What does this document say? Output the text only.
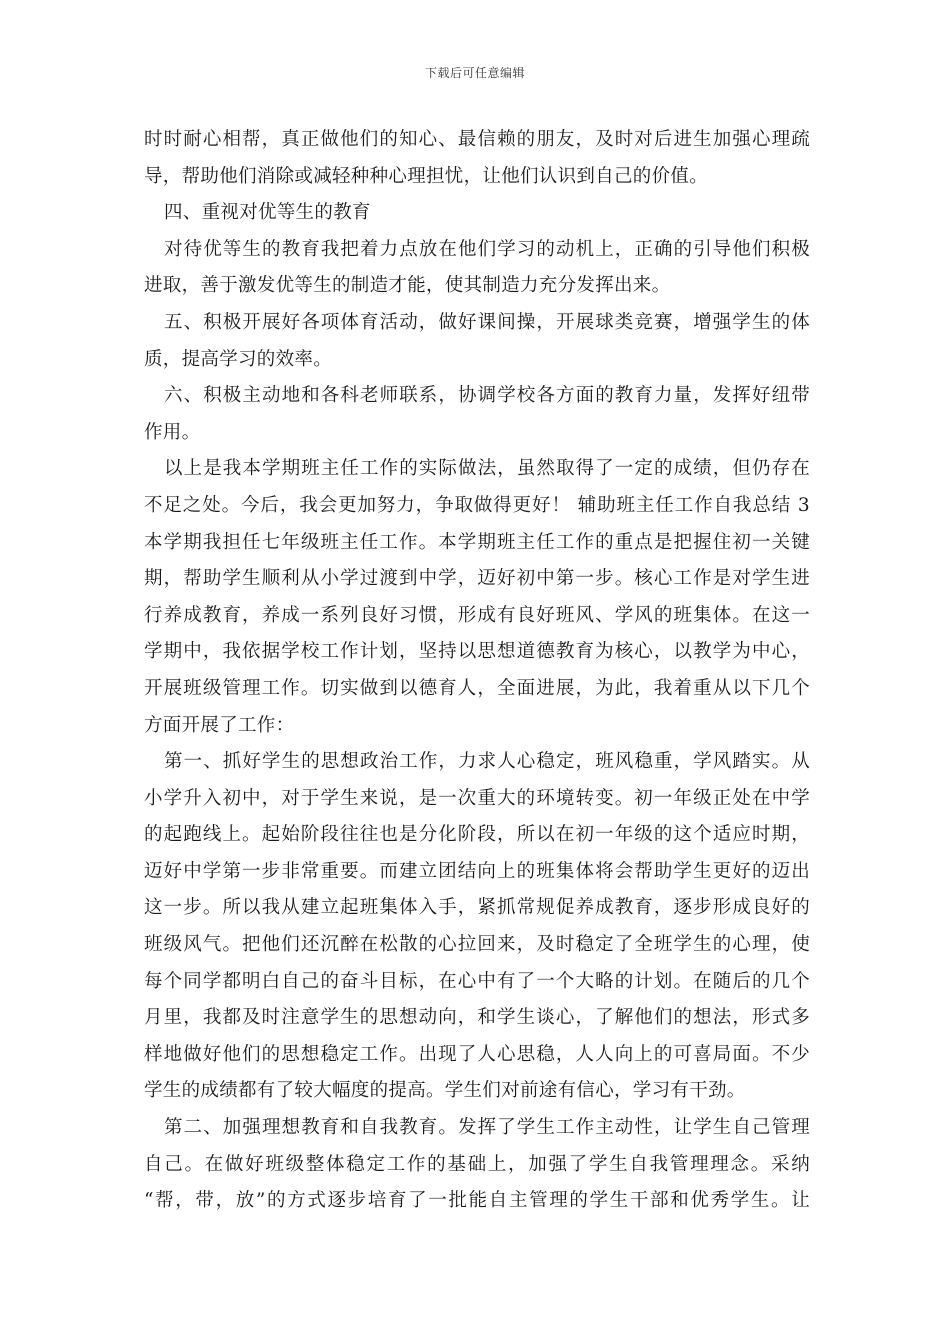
下载后可任意编辑
时时耐心相帮，真正做他们的知心、最信赖的朋友，及时对后进生加强心理疏
导，帮助他们消除或减轻种种心理担忧，让他们认识到自己的价值。
四、重视对优等生的教育
对待优等生的教育我把着力点放在他们学习的动机上，正确的引导他们积极
进取，善于激发优等生的制造才能，使其制造力充分发挥出来。
五、积极开展好各项体育活动，做好课间操，开展球类竞赛，增强学生的体
质，提高学习的效率。
六、积极主动地和各科老师联系，协调学校各方面的教育力量，发挥好纽带
作用。
以上是我本学期班主任工作的实际做法，虽然取得了一定的成绩，但仍存在
不足之处。今后，我会更加努力，争取做得更好！ 辅助班主任工作自我总结 3
本学期我担任七年级班主任工作。本学期班主任工作的重点是把握住初一关键
期，帮助学生顺利从小学过渡到中学，迈好初中第一步。核心工作是对学生进
行养成教育，养成一系列良好习惯，形成有良好班风、学风的班集体。在这一
学期中，我依据学校工作计划，坚持以思想道德教育为核心，以教学为中心，
开展班级管理工作。切实做到以德育人，全面进展，为此，我着重从以下几个
方面开展了工作：
第一、抓好学生的思想政治工作，力求人心稳定，班风稳重，学风踏实。从
小学升入初中，对于学生来说，是一次重大的环境转变。初一年级正处在中学
的起跑线上。起始阶段往往也是分化阶段，所以在初一年级的这个适应时期，
迈好中学第一步非常重要。而建立团结向上的班集体将会帮助学生更好的迈出
这一步。所以我从建立起班集体入手，紧抓常规促养成教育，逐步形成良好的
班级风气。把他们还沉醉在松散的心拉回来，及时稳定了全班学生的心理，使
每个同学都明白自己的奋斗目标，在心中有了一个大略的计划。在随后的几个
月里，我都及时注意学生的思想动向，和学生谈心，了解他们的想法，形式多
样地做好他们的思想稳定工作。出现了人心思稳，人人向上的可喜局面。不少
学生的成绩都有了较大幅度的提高。学生们对前途有信心，学习有干劲。
第二、加强理想教育和自我教育。发挥了学生工作主动性，让学生自己管理
自己。在做好班级整体稳定工作的基础上，加强了学生自我管理理念。采纳
“帮，带，放”的方式逐步培育了一批能自主管理的学生干部和优秀学生。让
